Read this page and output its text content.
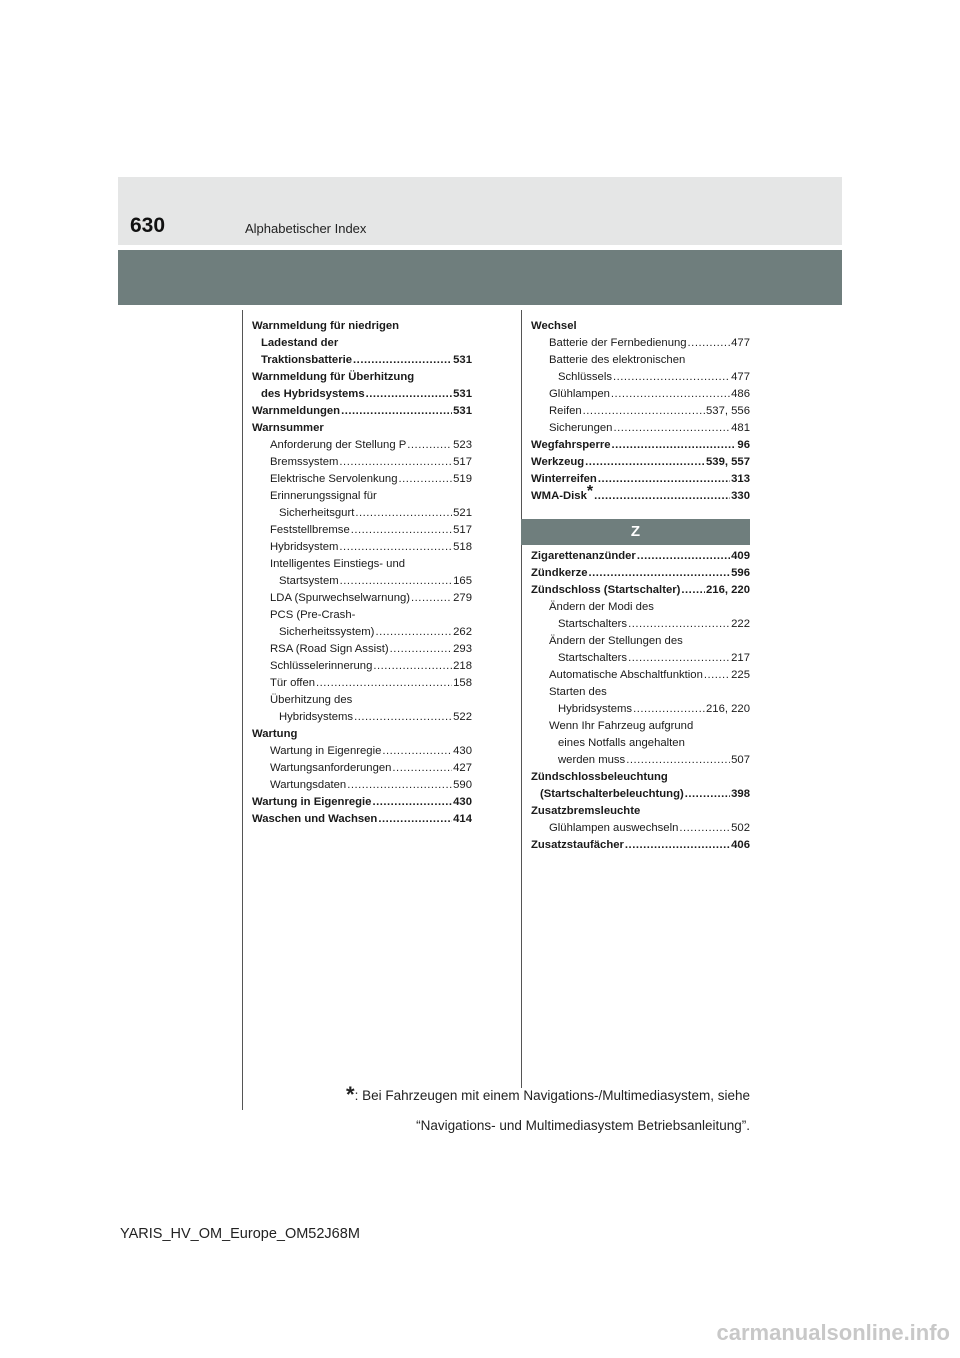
630	Alphabetischer Index
Warnmeldung für niedrigen
Ladestand der
Traktionsbatterie .....	531
Warnmeldung für Überhitzung
des Hybridsystems .....	531
Warnmeldungen .....	531
Warnsummer
Anforderung der Stellung P .....	523
Bremssystem .....	517
Elektrische Servolenkung .....	519
Erinnerungssignal für
Sicherheitsgurt .....	521
Feststellbremse .....	517
Hybridsystem .....	518
Intelligentes Einstiegs- und
Startsystem .....	165
LDA (Spurwechselwarnung) .....	279
PCS (Pre-Crash-
Sicherheitssystem) .....	262
RSA (Road Sign Assist) .....	293
Schlüsselerinnerung .....	218
Tür offen .....	158
Überhitzung des
Hybridsystems .....	522
Wartung
Wartung in Eigenregie .....	430
Wartungsanforderungen .....	427
Wartungsdaten .....	590
Wartung in Eigenregie .....	430
Waschen und Wachsen .....	414
Wechsel
Batterie der Fernbedienung .....	477
Batterie des elektronischen
Schlüssels .....	477
Glühlampen .....	486
Reifen .....	537, 556
Sicherungen .....	481
Wegfahrsperre .....	96
Werkzeug .....	539, 557
Winterreifen .....	313
WMA-Disk* .....	330
Z
Zigarettenanzünder .....	409
Zündkerze .....	596
Zündschloss (Startschalter) ..... 216, 220
Ändern der Modi des
Startschalters .....	222
Ändern der Stellungen des
Startschalters .....	217
Automatische Abschaltfunktion .....	225
Starten des
Hybridsystems .....	216, 220
Wenn Ihr Fahrzeug aufgrund
eines Notfalls angehalten
werden muss .....	507
Zündschlossbeleuchtung
(Startschalterbeleuchtung) .....	398
Zusatzbremsleuchte
Glühlampen auswechseln .....	502
Zusatzstaufächer .....	406
*: Bei Fahrzeugen mit einem Navigations-/Multimediasystem, siehe
“Navigations- und Multimediasystem Betriebsanleitung”.
YARIS_HV_OM_Europe_OM52J68M
carmanualsonline.info
